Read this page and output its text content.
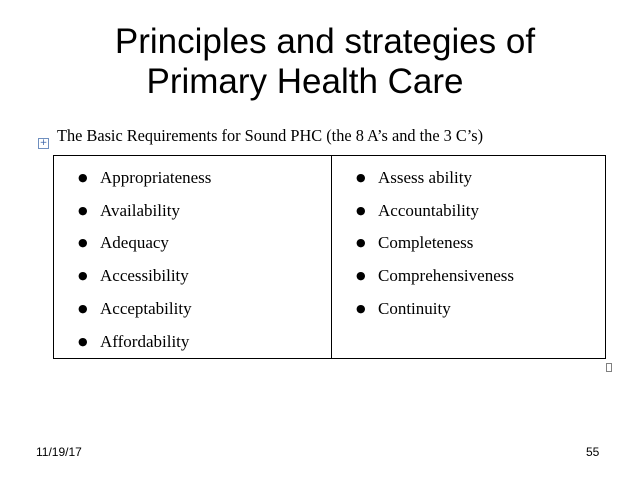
Principles and strategies of
Primary Health Care
+ The Basic Requirements for Sound PHC (the 8 A’s and the 3 C’s)
● Appropriateness
● Availability
● Adequacy
● Accessibility
● Acceptability
● Affordability

● Assess ability
● Accountability
● Completeness
● Comprehensiveness
● Continuity
11/19/17	55
